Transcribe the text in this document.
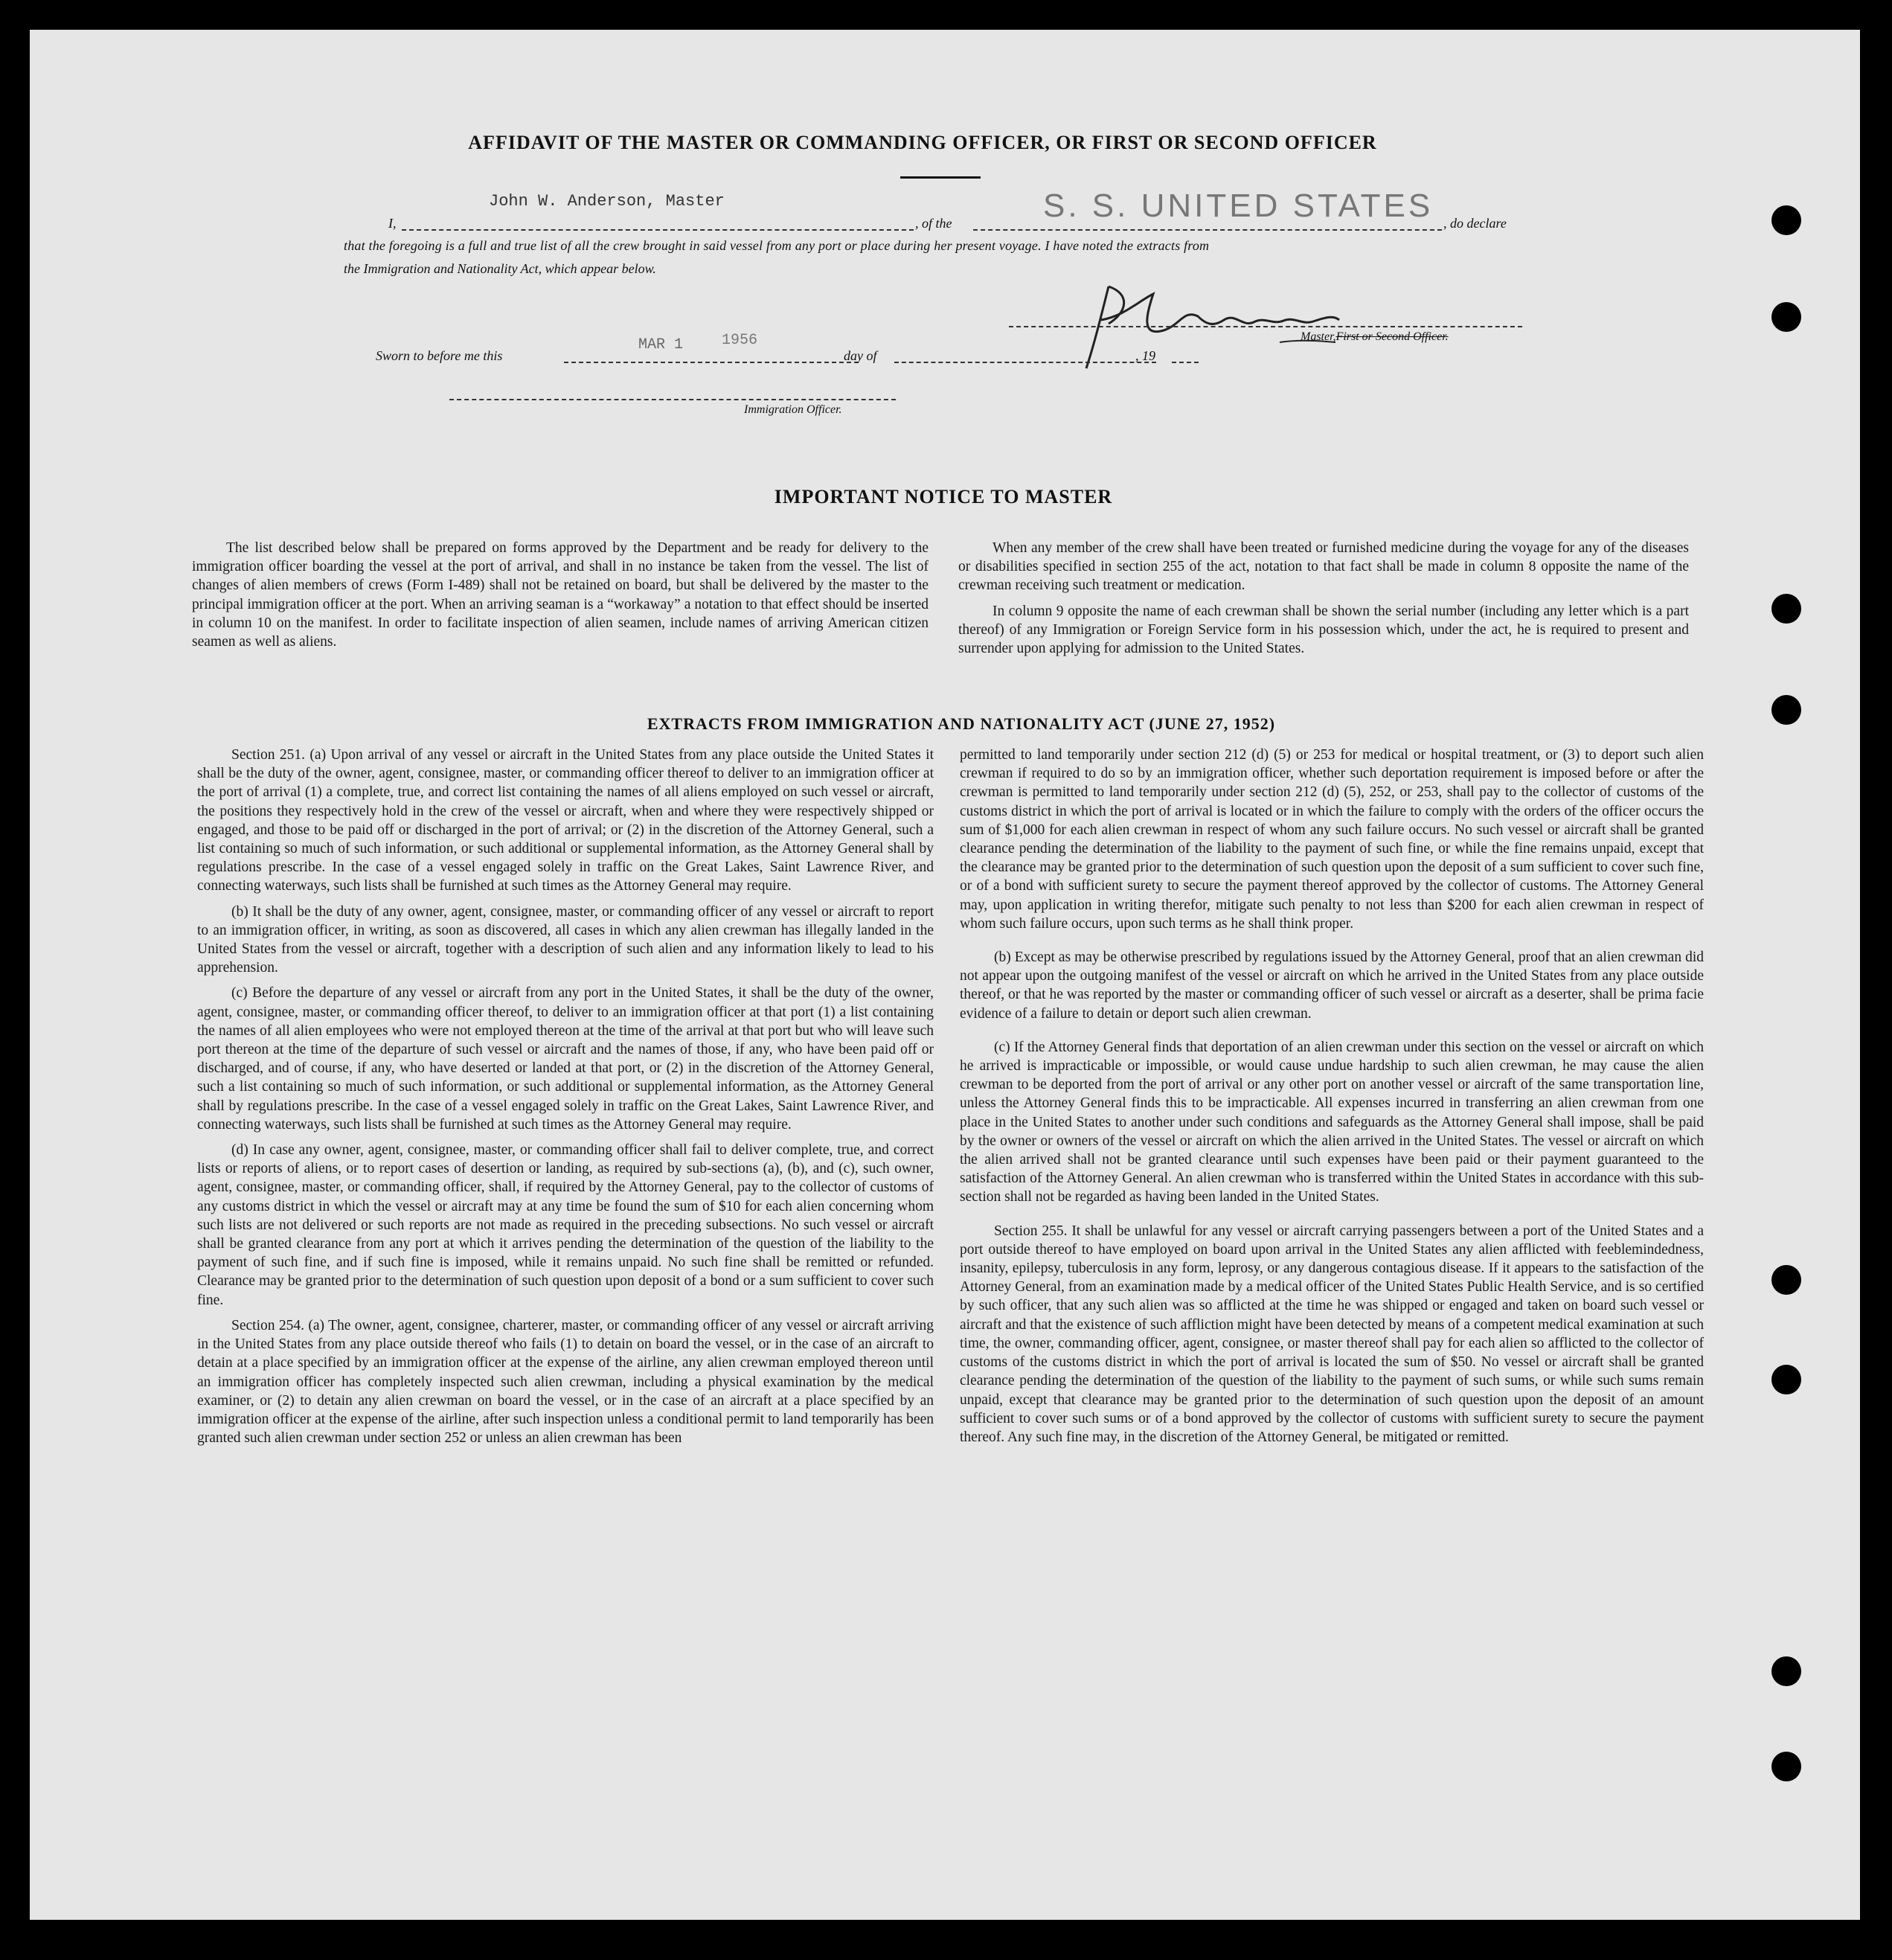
AFFIDAVIT OF THE MASTER OR COMMANDING OFFICER, OR FIRST OR SECOND OFFICER
I,
John W. Anderson, Master
, of the	S. S. UNITED STATES , do declare
that the foregoing is a full and true list of all the crew brought in said vessel from any port or place during her present voyage. I have noted the extracts from
the Immigration and Nationality Act, which appear below.
Master,First or Second Officer.
Sworn to before me this
MAR 1	1956
day of	, 19
Immigration Officer.
IMPORTANT NOTICE TO MASTER

The list described below shall be prepared on forms approved by the Department and be ready for delivery to the immigration officer boarding the vessel at the port of arrival, and shall in no instance be taken from the vessel. The list of changes of alien members of crews (Form I-489) shall not be retained on board, but shall be delivered by the master to the principal immigration officer at the port. When an arriving seaman is a “workaway” a notation to that effect should be inserted in column 10 on the manifest. In order to facilitate inspection of alien seamen, include names of arriving American citizen seamen as well as aliens.

When any member of the crew shall have been treated or furnished medicine during the voyage for any of the diseases or disabilities specified in section 255 of the act, notation to that fact shall be made in column 8 opposite the name of the crewman receiving such treatment or medication.

In column 9 opposite the name of each crewman shall be shown the serial number (including any letter which is a part thereof) of any Immigration or Foreign Service form in his possession which, under the act, he is required to present and surrender upon applying for admission to the United States.

EXTRACTS FROM IMMIGRATION AND NATIONALITY ACT (JUNE 27, 1952)

Section 251. (a) Upon arrival of any vessel or aircraft in the United States from any place outside the United States it shall be the duty of the owner, agent, consignee, master, or commanding officer thereof to deliver to an immigration officer at the port of arrival (1) a complete, true, and correct list containing the names of all aliens employed on such vessel or aircraft, the positions they respectively hold in the crew of the vessel or aircraft, when and where they were respectively shipped or engaged, and those to be paid off or discharged in the port of arrival; or (2) in the discretion of the Attorney General, such a list containing so much of such information, or such additional or supplemental information, as the Attorney General shall by regulations prescribe. In the case of a vessel engaged solely in traffic on the Great Lakes, Saint Lawrence River, and connecting waterways, such lists shall be furnished at such times as the Attorney General may require.

(b) It shall be the duty of any owner, agent, consignee, master, or commanding officer of any vessel or aircraft to report to an immigration officer, in writing, as soon as discovered, all cases in which any alien crewman has illegally landed in the United States from the vessel or aircraft, together with a description of such alien and any information likely to lead to his apprehension.

(c) Before the departure of any vessel or aircraft from any port in the United States, it shall be the duty of the owner, agent, consignee, master, or commanding officer thereof, to deliver to an immigration officer at that port (1) a list containing the names of all alien employees who were not employed thereon at the time of the arrival at that port but who will leave such port thereon at the time of the departure of such vessel or aircraft and the names of those, if any, who have been paid off or discharged, and of course, if any, who have deserted or landed at that port, or (2) in the discretion of the Attorney General, such a list containing so much of such information, or such additional or supplemental information, as the Attorney General shall by regulations prescribe. In the case of a vessel engaged solely in traffic on the Great Lakes, Saint Lawrence River, and connecting waterways, such lists shall be furnished at such times as the Attorney General may require.

(d) In case any owner, agent, consignee, master, or commanding officer shall fail to deliver complete, true, and correct lists or reports of aliens, or to report cases of desertion or landing, as required by sub-sections (a), (b), and (c), such owner, agent, consignee, master, or commanding officer, shall, if required by the Attorney General, pay to the collector of customs of any customs district in which the vessel or aircraft may at any time be found the sum of $10 for each alien concerning whom such lists are not delivered or such reports are not made as required in the preceding subsections. No such vessel or aircraft shall be granted clearance from any port at which it arrives pending the determination of the question of the liability to the payment of such fine, and if such fine is imposed, while it remains unpaid. No such fine shall be remitted or refunded. Clearance may be granted prior to the determination of such question upon deposit of a bond or a sum sufficient to cover such fine.

Section 254. (a) The owner, agent, consignee, charterer, master, or commanding officer of any vessel or aircraft arriving in the United States from any place outside thereof who fails (1) to detain on board the vessel, or in the case of an aircraft to detain at a place specified by an immigration officer at the expense of the airline, any alien crewman employed thereon until an immigration officer has completely inspected such alien crewman, including a physical examination by the medical examiner, or (2) to detain any alien crewman on board the vessel, or in the case of an aircraft at a place specified by an immigration officer at the expense of the airline, after such inspection unless a conditional permit to land temporarily has been granted such alien crewman under section 252 or unless an alien crewman has been

permitted to land temporarily under section 212 (d) (5) or 253 for medical or hospital treatment, or (3) to deport such alien crewman if required to do so by an immigration officer, whether such deportation requirement is imposed before or after the crewman is permitted to land temporarily under section 212 (d) (5), 252, or 253, shall pay to the collector of customs of the customs district in which the port of arrival is located or in which the failure to comply with the orders of the officer occurs the sum of $1,000 for each alien crewman in respect of whom any such failure occurs. No such vessel or aircraft shall be granted clearance pending the determination of the liability to the payment of such fine, or while the fine remains unpaid, except that the clearance may be granted prior to the determination of such question upon the deposit of a sum sufficient to cover such fine, or of a bond with sufficient surety to secure the payment thereof approved by the collector of customs. The Attorney General may, upon application in writing therefor, mitigate such penalty to not less than $200 for each alien crewman in respect of whom such failure occurs, upon such terms as he shall think proper.

(b) Except as may be otherwise prescribed by regulations issued by the Attorney General, proof that an alien crewman did not appear upon the outgoing manifest of the vessel or aircraft on which he arrived in the United States from any place outside thereof, or that he was reported by the master or commanding officer of such vessel or aircraft as a deserter, shall be prima facie evidence of a failure to detain or deport such alien crewman.

(c) If the Attorney General finds that deportation of an alien crewman under this section on the vessel or aircraft on which he arrived is impracticable or impossible, or would cause undue hardship to such alien crewman, he may cause the alien crewman to be deported from the port of arrival or any other port on another vessel or aircraft of the same transportation line, unless the Attorney General finds this to be impracticable. All expenses incurred in transferring an alien crewman from one place in the United States to another under such conditions and safeguards as the Attorney General shall impose, shall be paid by the owner or owners of the vessel or aircraft on which the alien arrived in the United States. The vessel or aircraft on which the alien arrived shall not be granted clearance until such expenses have been paid or their payment guaranteed to the satisfaction of the Attorney General. An alien crewman who is transferred within the United States in accordance with this sub-section shall not be regarded as having been landed in the United States.

Section 255. It shall be unlawful for any vessel or aircraft carrying passengers between a port of the United States and a port outside thereof to have employed on board upon arrival in the United States any alien afflicted with feeblemindedness, insanity, epilepsy, tuberculosis in any form, leprosy, or any dangerous contagious disease. If it appears to the satisfaction of the Attorney General, from an examination made by a medical officer of the United States Public Health Service, and is so certified by such officer, that any such alien was so afflicted at the time he was shipped or engaged and taken on board such vessel or aircraft and that the existence of such affliction might have been detected by means of a competent medical examination at such time, the owner, commanding officer, agent, consignee, or master thereof shall pay for each alien so afflicted to the collector of customs of the customs district in which the port of arrival is located the sum of $50. No vessel or aircraft shall be granted clearance pending the determination of the question of the liability to the payment of such sums, or while such sums remain unpaid, except that clearance may be granted prior to the determination of such question upon the deposit of an amount sufficient to cover such sums or of a bond approved by the collector of customs with sufficient surety to secure the payment thereof. Any such fine may, in the discretion of the Attorney General, be mitigated or remitted.
